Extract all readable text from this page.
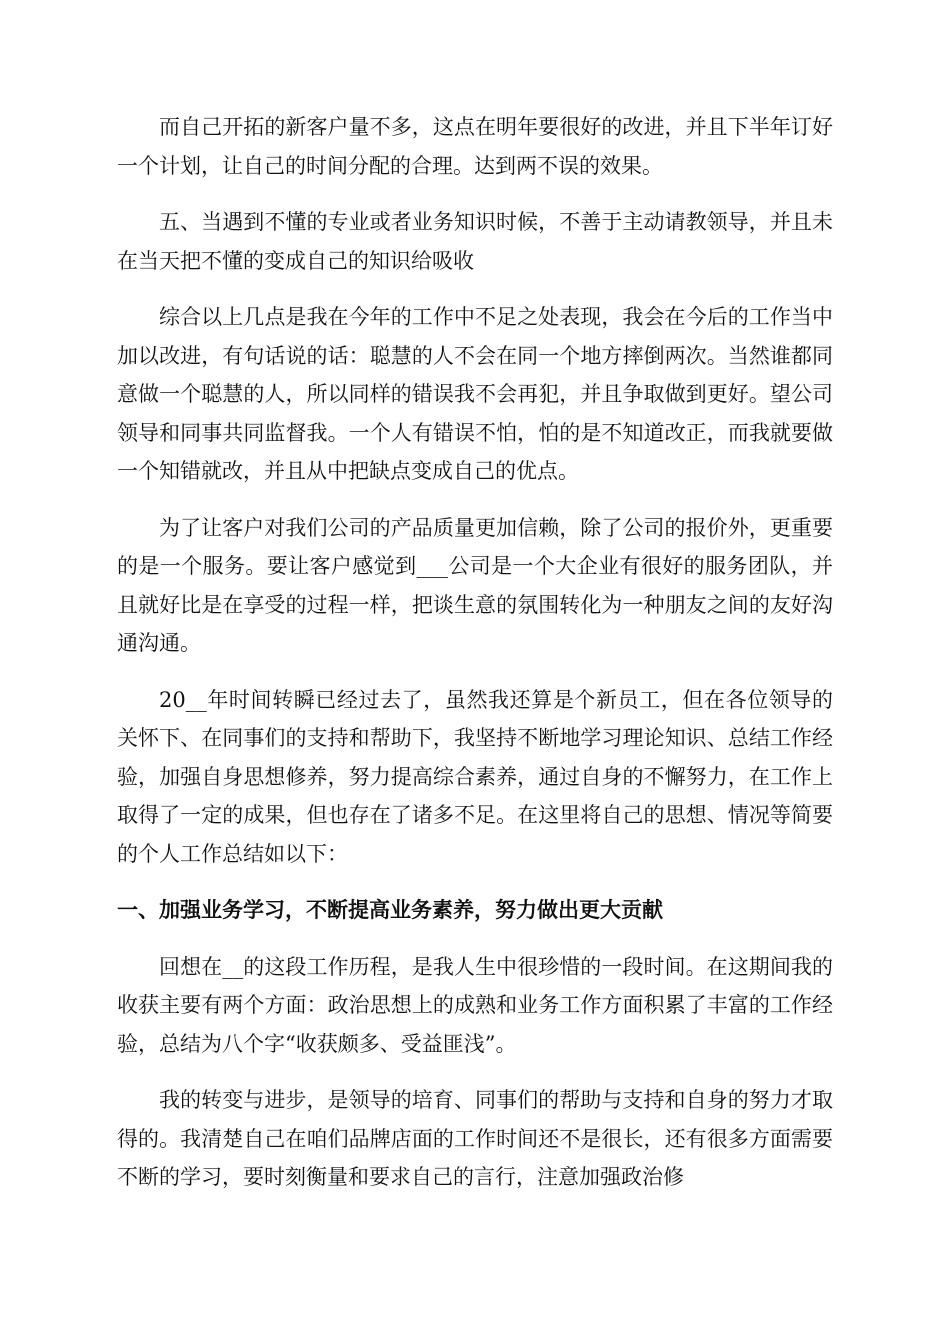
而自己开拓的新客户量不多，这点在明年要很好的改进，并且下半年订好一个计划，让自己的时间分配的合理。达到两不误的效果。

五、当遇到不懂的专业或者业务知识时候，不善于主动请教领导，并且未在当天把不懂的变成自己的知识给吸收

综合以上几点是我在今年的工作中不足之处表现，我会在今后的工作当中加以改进，有句话说的话：聪慧的人不会在同一个地方摔倒两次。当然谁都同意做一个聪慧的人，所以同样的错误我不会再犯，并且争取做到更好。望公司领导和同事共同监督我。一个人有错误不怕，怕的是不知道改正，而我就要做一个知错就改，并且从中把缺点变成自己的优点。

为了让客户对我们公司的产品质量更加信赖，除了公司的报价外，更重要的是一个服务。要让客户感觉到___公司是一个大企业有很好的服务团队，并且就好比是在享受的过程一样，把谈生意的氛围转化为一种朋友之间的友好沟通沟通。

20__年时间转瞬已经过去了，虽然我还算是个新员工，但在各位领导的关怀下、在同事们的支持和帮助下，我坚持不断地学习理论知识、总结工作经验，加强自身思想修养，努力提高综合素养，通过自身的不懈努力，在工作上取得了一定的成果，但也存在了诸多不足。在这里将自己的思想、情况等简要的个人工作总结如以下：

一、加强业务学习，不断提高业务素养，努力做出更大贡献

回想在__的这段工作历程，是我人生中很珍惜的一段时间。在这期间我的收获主要有两个方面：政治思想上的成熟和业务工作方面积累了丰富的工作经验，总结为八个字“收获颇多、受益匪浅”。

我的转变与进步，是领导的培育、同事们的帮助与支持和自身的努力才取得的。我清楚自己在咱们品牌店面的工作时间还不是很长，还有很多方面需要不断的学习，要时刻衡量和要求自己的言行，注意加强政治修
